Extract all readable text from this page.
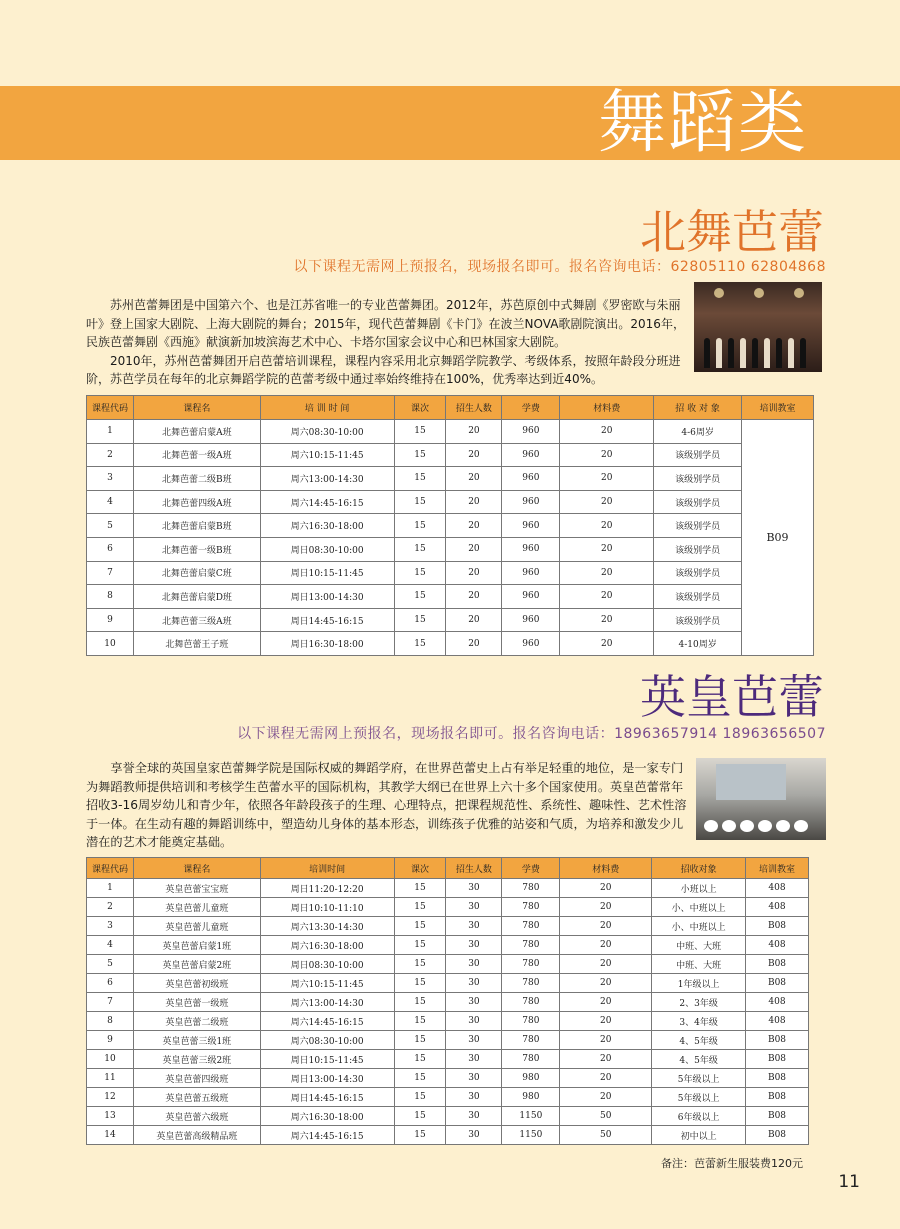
舞蹈类
北舞芭蕾
以下课程无需网上预报名，现场报名即可。报名咨询电话：62805110 62804868

苏州芭蕾舞团是中国第六个、也是江苏省唯一的专业芭蕾舞团。2012年，苏芭原创中式舞剧《罗密欧与朱丽叶》登上国家大剧院、上海大剧院的舞台；2015年，现代芭蕾舞剧《卡门》在波兰NOVA歌剧院演出。2016年，民族芭蕾舞剧《西施》献演新加坡滨海艺术中心、卡塔尔国家会议中心和巴林国家大剧院。

2010年，苏州芭蕾舞团开启芭蕾培训课程，课程内容采用北京舞蹈学院教学、考级体系，按照年龄段分班进阶，苏芭学员在每年的北京舞蹈学院的芭蕾考级中通过率始终维持在100%，优秀率达到近40%。

课程代码	课程名	培 训 时 间	课次	招生人数	学费	材料费	招 收 对 象	培训教室
1	北舞芭蕾启蒙A班	周六08:30-10:00	15	20	960	20	4-6周岁	B09
2	北舞芭蕾一级A班	周六10:15-11:45	15	20	960	20	该级别学员	
3	北舞芭蕾二级B班	周六13:00-14:30	15	20	960	20	该级别学员	
4	北舞芭蕾四级A班	周六14:45-16:15	15	20	960	20	该级别学员	
5	北舞芭蕾启蒙B班	周六16:30-18:00	15	20	960	20	该级别学员	
6	北舞芭蕾一级B班	周日08:30-10:00	15	20	960	20	该级别学员	
7	北舞芭蕾启蒙C班	周日10:15-11:45	15	20	960	20	该级别学员	
8	北舞芭蕾启蒙D班	周日13:00-14:30	15	20	960	20	该级别学员	
9	北舞芭蕾三级A班	周日14:45-16:15	15	20	960	20	该级别学员	
10	北舞芭蕾王子班	周日16:30-18:00	15	20	960	20	4-10周岁	
英皇芭蕾
以下课程无需网上预报名，现场报名即可。报名咨询电话：18963657914 18963656507

享誉全球的英国皇家芭蕾舞学院是国际权威的舞蹈学府，在世界芭蕾史上占有举足轻重的地位，是一家专门为舞蹈教师提供培训和考核学生芭蕾水平的国际机构，其教学大纲已在世界上六十多个国家使用。英皇芭蕾常年招收3-16周岁幼儿和青少年，依照各年龄段孩子的生理、心理特点，把课程规范性、系统性、趣味性、艺术性溶于一体。在生动有趣的舞蹈训练中，塑造幼儿身体的基本形态，训练孩子优雅的站姿和气质，为培养和激发少儿潜在的艺术才能奠定基础。

课程代码	课程名	培训时间	课次	招生人数	学费	材料费	招收对象	培训教室
1	英皇芭蕾宝宝班	周日11:20-12:20	15	30	780	20	小班以上	408
2	英皇芭蕾儿童班	周日10:10-11:10	15	30	780	20	小、中班以上	408
3	英皇芭蕾儿童班	周六13:30-14:30	15	30	780	20	小、中班以上	B08
4	英皇芭蕾启蒙1班	周六16:30-18:00	15	30	780	20	中班、大班	408
5	英皇芭蕾启蒙2班	周日08:30-10:00	15	30	780	20	中班、大班	B08
6	英皇芭蕾初级班	周六10:15-11:45	15	30	780	20	1年级以上	B08
7	英皇芭蕾一级班	周六13:00-14:30	15	30	780	20	2、3年级	408
8	英皇芭蕾二级班	周六14:45-16:15	15	30	780	20	3、4年级	408
9	英皇芭蕾三级1班	周六08:30-10:00	15	30	780	20	4、5年级	B08
10	英皇芭蕾三级2班	周日10:15-11:45	15	30	780	20	4、5年级	B08
11	英皇芭蕾四级班	周日13:00-14:30	15	30	980	20	5年级以上	B08
12	英皇芭蕾五级班	周日14:45-16:15	15	30	980	20	5年级以上	B08
13	英皇芭蕾六级班	周六16:30-18:00	15	30	1150	50	6年级以上	B08
14	英皇芭蕾高级精品班	周六14:45-16:15	15	30	1150	50	初中以上	B08
备注：芭蕾新生服装费120元
11
